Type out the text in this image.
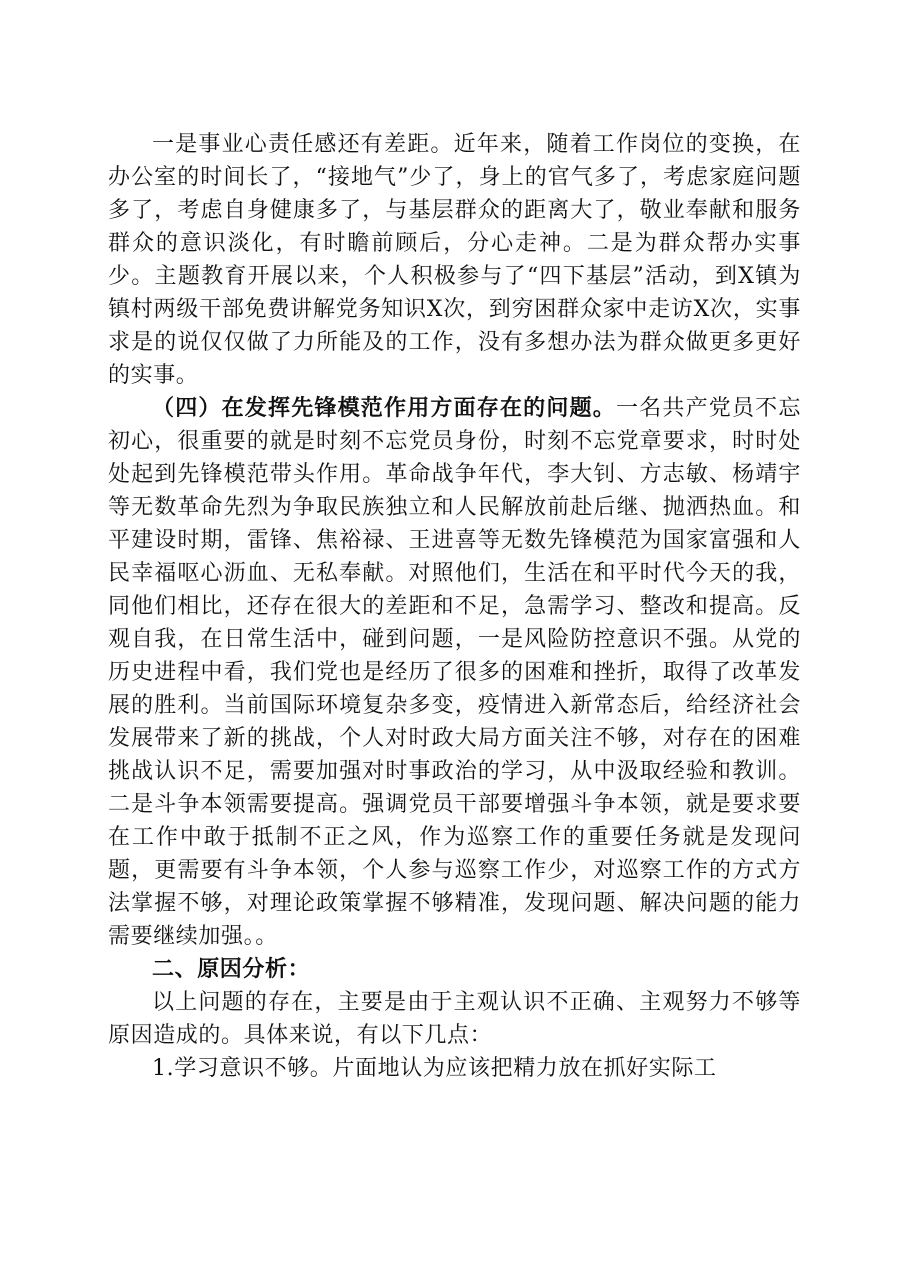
一是事业心责任感还有差距。近年来，随着工作岗位的变换，在办公室的时间长了，“接地气”少了，身上的官气多了，考虑家庭问题多了，考虑自身健康多了，与基层群众的距离大了，敬业奉献和服务群众的意识淡化，有时瞻前顾后，分心走神。二是为群众帮办实事少。主题教育开展以来，个人积极参与了“四下基层”活动，到X镇为镇村两级干部免费讲解党务知识X次，到穷困群众家中走访X次，实事求是的说仅仅做了力所能及的工作，没有多想办法为群众做更多更好的实事。

（四）在发挥先锋模范作用方面存在的问题。一名共产党员不忘初心，很重要的就是时刻不忘党员身份，时刻不忘党章要求，时时处处起到先锋模范带头作用。革命战争年代，李大钊、方志敏、杨靖宇等无数革命先烈为争取民族独立和人民解放前赴后继、抛洒热血。和平建设时期，雷锋、焦裕禄、王进喜等无数先锋模范为国家富强和人民幸福呕心沥血、无私奉献。对照他们，生活在和平时代今天的我，同他们相比，还存在很大的差距和不足，急需学习、整改和提高。反观自我，在日常生活中，碰到问题，一是风险防控意识不强。从党的历史进程中看，我们党也是经历了很多的困难和挫折，取得了改革发展的胜利。当前国际环境复杂多变，疫情进入新常态后，给经济社会发展带来了新的挑战，个人对时政大局方面关注不够，对存在的困难挑战认识不足，需要加强对时事政治的学习，从中汲取经验和教训。二是斗争本领需要提高。强调党员干部要增强斗争本领，就是要求要在工作中敢于抵制不正之风，作为巡察工作的重要任务就是发现问题，更需要有斗争本领，个人参与巡察工作少，对巡察工作的方式方法掌握不够，对理论政策掌握不够精准，发现问题、解决问题的能力需要继续加强。。

二、原因分析：

以上问题的存在，主要是由于主观认识不正确、主观努力不够等原因造成的。具体来说，有以下几点：

1.学习意识不够。片面地认为应该把精力放在抓好实际工
